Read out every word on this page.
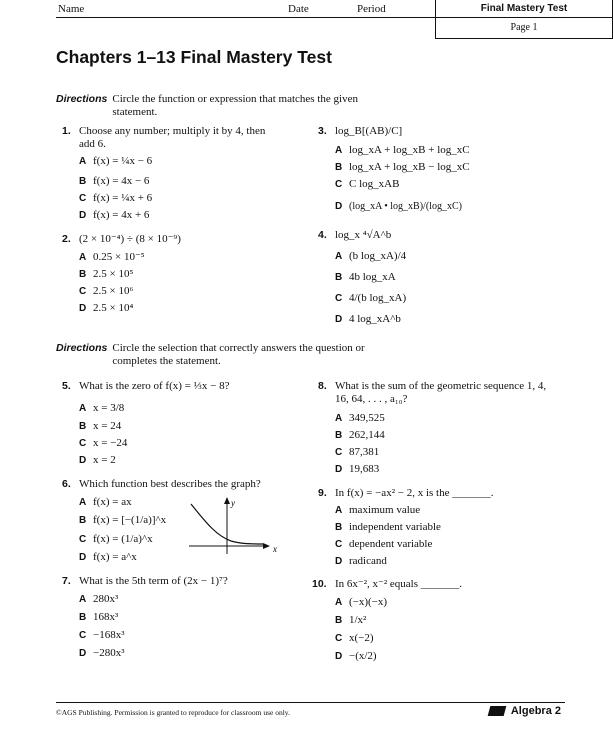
Name	Date	Period	Final Mastery Test
Page 1
Chapters 1–13 Final Mastery Test
Directions Circle the function or expression that matches the given statement.
1. Choose any number; multiply it by 4, then add 6.
A f(x) = ¼x − 6
B f(x) = 4x − 6
C f(x) = ¼x + 6
D f(x) = 4x + 6
2. (2 × 10⁻⁴) ÷ (8 × 10⁻⁹)
A 0.25 × 10⁻⁵
B 2.5 × 10⁵
C 2.5 × 10⁶
D 2.5 × 10⁴
3. log_B[(AB)/C]
A log_xA + log_xB + log_xC
B log_xA + log_xB − log_xC
C C log_xAB
D (log_xA • log_xB)/(log_xC)
4. log_x ⁴√A^b
A (b log_xA)/4
B 4b log_xA
C 4/(b log_xA)
D 4 log_xA^b
Directions Circle the selection that correctly answers the question or completes the statement.
5. What is the zero of f(x) = ⅓x − 8?
A x = 3/8
B x = 24
C x = −24
D x = 2
6. Which function best describes the graph?
A f(x) = ax
B f(x) = [−(1/a)]^x
C f(x) = (1/a)^x
D f(x) = a^x
y
x
7. What is the 5th term of (2x − 1)⁷?
A 280x³
B 168x³
C −168x³
D −280x³
8. What is the sum of the geometric sequence 1, 4, 16, 64, . . . , a₁₀?
A 349,525
B 262,144
C 87,381
D 19,683
9. In f(x) = −ax² − 2, x is the _______.
A maximum value
B independent variable
C dependent variable
D radicand
10. In 6x⁻², x⁻² equals _______.
A (−x)(−x)
B 1/x²
C x(−2)
D −(x/2)
©AGS Publishing. Permission is granted to reproduce for classroom use only.	Algebra 2
